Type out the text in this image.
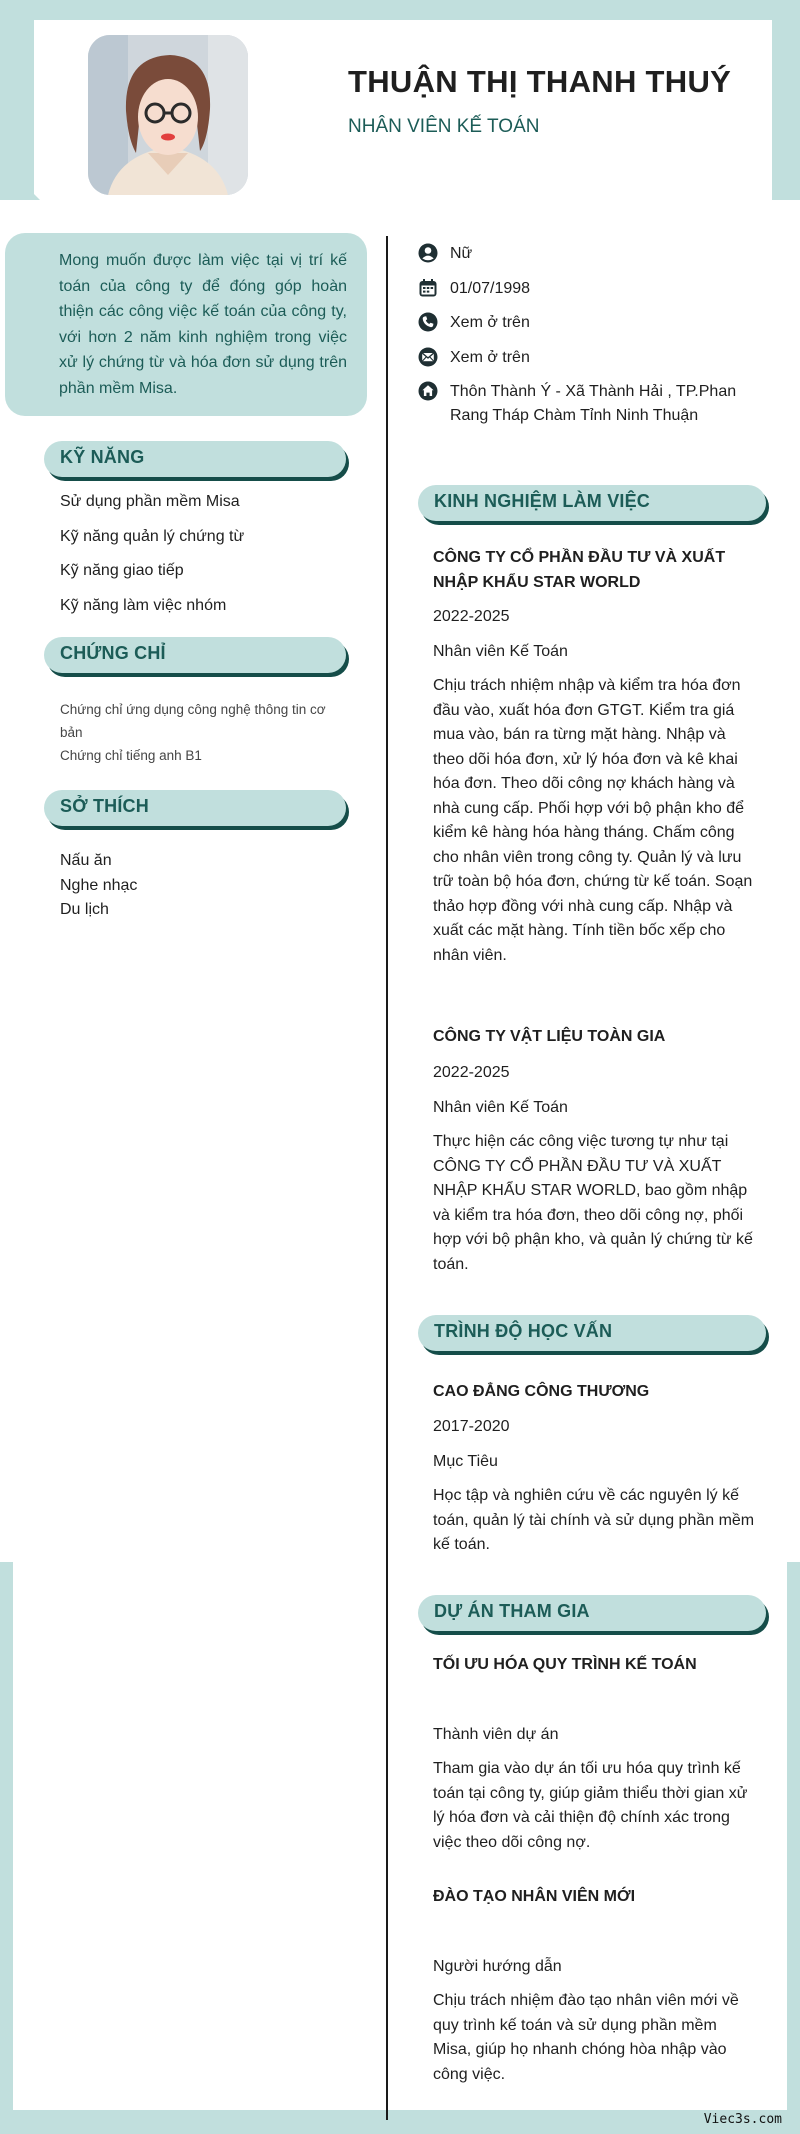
THUẬN THỊ THANH THUÝ
NHÂN VIÊN KẾ TOÁN
Mong muốn được làm việc tại vị trí kế toán của công ty để đóng góp hoàn thiện các công việc kế toán của công ty, với hơn 2 năm kinh nghiệm trong việc xử lý chứng từ và hóa đơn sử dụng trên phần mềm Misa.
KỸ NĂNG
Sử dụng phần mềm Misa
Kỹ năng quản lý chứng từ
Kỹ năng giao tiếp
Kỹ năng làm việc nhóm
CHỨNG CHỈ
Chứng chỉ ứng dụng công nghệ thông tin cơ bản
Chứng chỉ tiếng anh B1
SỞ THÍCH
Nấu ăn
Nghe nhạc
Du lịch
Nữ
01/07/1998
Xem ở trên
Xem ở trên
Thôn Thành Ý - Xã Thành Hải , TP.Phan Rang Tháp Chàm Tỉnh Ninh Thuận
KINH NGHIỆM LÀM VIỆC
CÔNG TY CỔ PHẦN ĐẦU TƯ VÀ XUẤT NHẬP KHẨU STAR WORLD
2022-2025
Nhân viên Kế Toán
Chịu trách nhiệm nhập và kiểm tra hóa đơn đầu vào, xuất hóa đơn GTGT. Kiểm tra giá mua vào, bán ra từng mặt hàng. Nhập và theo dõi hóa đơn, xử lý hóa đơn và kê khai hóa đơn. Theo dõi công nợ khách hàng và nhà cung cấp. Phối hợp với bộ phận kho để kiểm kê hàng hóa hàng tháng. Chấm công cho nhân viên trong công ty. Quản lý và lưu trữ toàn bộ hóa đơn, chứng từ kế toán. Soạn thảo hợp đồng với nhà cung cấp. Nhập và xuất các mặt hàng. Tính tiền bốc xếp cho nhân viên.
CÔNG TY VẬT LIỆU TOÀN GIA
2022-2025
Nhân viên Kế Toán
Thực hiện các công việc tương tự như tại CÔNG TY CỔ PHẦN ĐẦU TƯ VÀ XUẤT NHẬP KHẨU STAR WORLD, bao gồm nhập và kiểm tra hóa đơn, theo dõi công nợ, phối hợp với bộ phận kho, và quản lý chứng từ kế toán.
TRÌNH ĐỘ HỌC VẤN
CAO ĐẲNG CÔNG THƯƠNG
2017-2020
Mục Tiêu
Học tập và nghiên cứu về các nguyên lý kế toán, quản lý tài chính và sử dụng phần mềm kế toán.
DỰ ÁN THAM GIA
TỐI ƯU HÓA QUY TRÌNH KẾ TOÁN
Thành viên dự án
Tham gia vào dự án tối ưu hóa quy trình kế toán tại công ty, giúp giảm thiểu thời gian xử lý hóa đơn và cải thiện độ chính xác trong việc theo dõi công nợ.
ĐÀO TẠO NHÂN VIÊN MỚI
Người hướng dẫn
Chịu trách nhiệm đào tạo nhân viên mới về quy trình kế toán và sử dụng phần mềm Misa, giúp họ nhanh chóng hòa nhập vào công việc.
Viec3s.com
